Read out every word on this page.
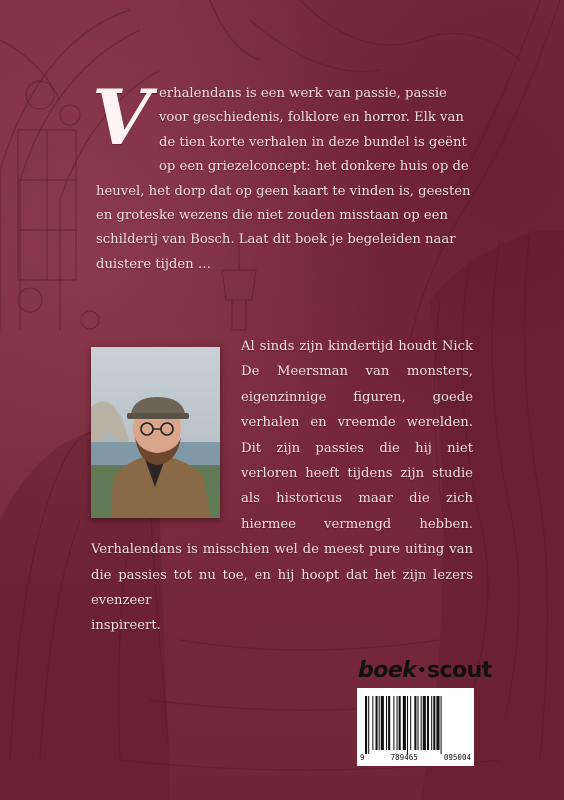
Verhalendans is een werk van passie, passie voor geschiedenis, folklore en horror. Elk van de tien korte verhalen in deze bundel is geënt op een griezelconcept: het donkere huis op de heuvel, het dorp dat op geen kaart te vinden is, geesten en groteske wezens die niet zouden misstaan op een schilderij van Bosch. Laat dit boek je begeleiden naar duistere tijden …

Al sinds zijn kindertijd houdt Nick De Meersman van monsters, eigenzinnige figuren, goede verhalen en vreemde werelden. Dit zijn passies die hij niet verloren heeft tijdens zijn studie als historicus maar die zich hiermee vermengd hebben. Verhalendans is misschien wel de meest pure uiting van die passies tot nu toe, en hij hoopt dat het zijn lezers evenzeer
inspireert.

boek•scout
9	789465	095004
